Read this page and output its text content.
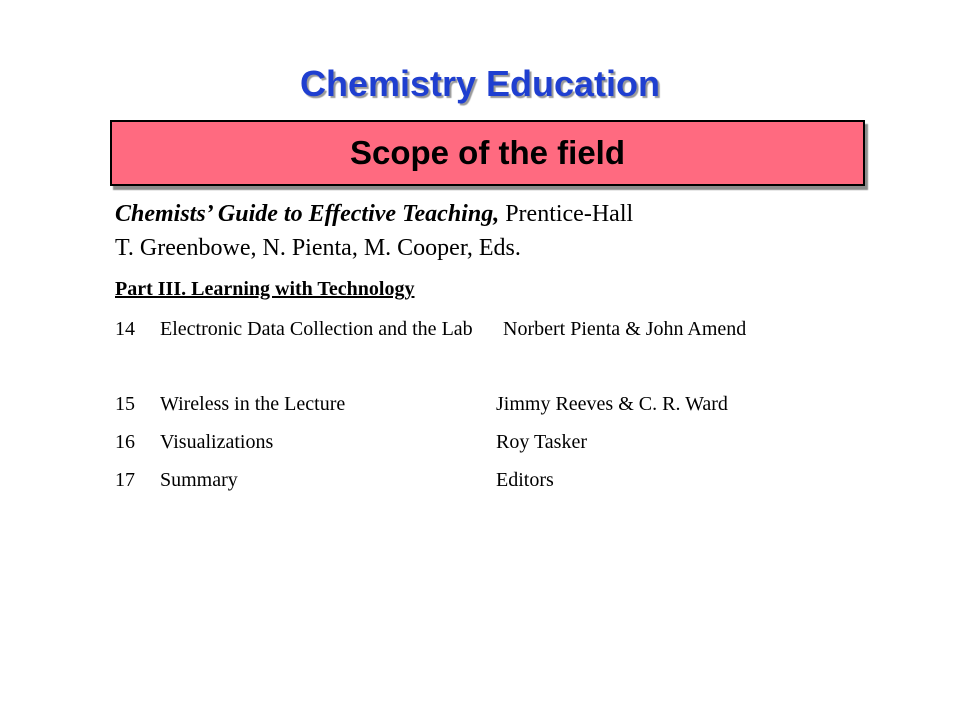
Chemistry Education
Scope of the field
Chemists’ Guide to Effective Teaching, Prentice-Hall
T. Greenbowe, N. Pienta, M. Cooper, Eds.
Part III. Learning with Technology
14	Electronic Data Collection and the Lab	Norbert Pienta & John Amend
15	Wireless in the Lecture	Jimmy Reeves & C. R. Ward
16	Visualizations	Roy Tasker
17	Summary	Editors
